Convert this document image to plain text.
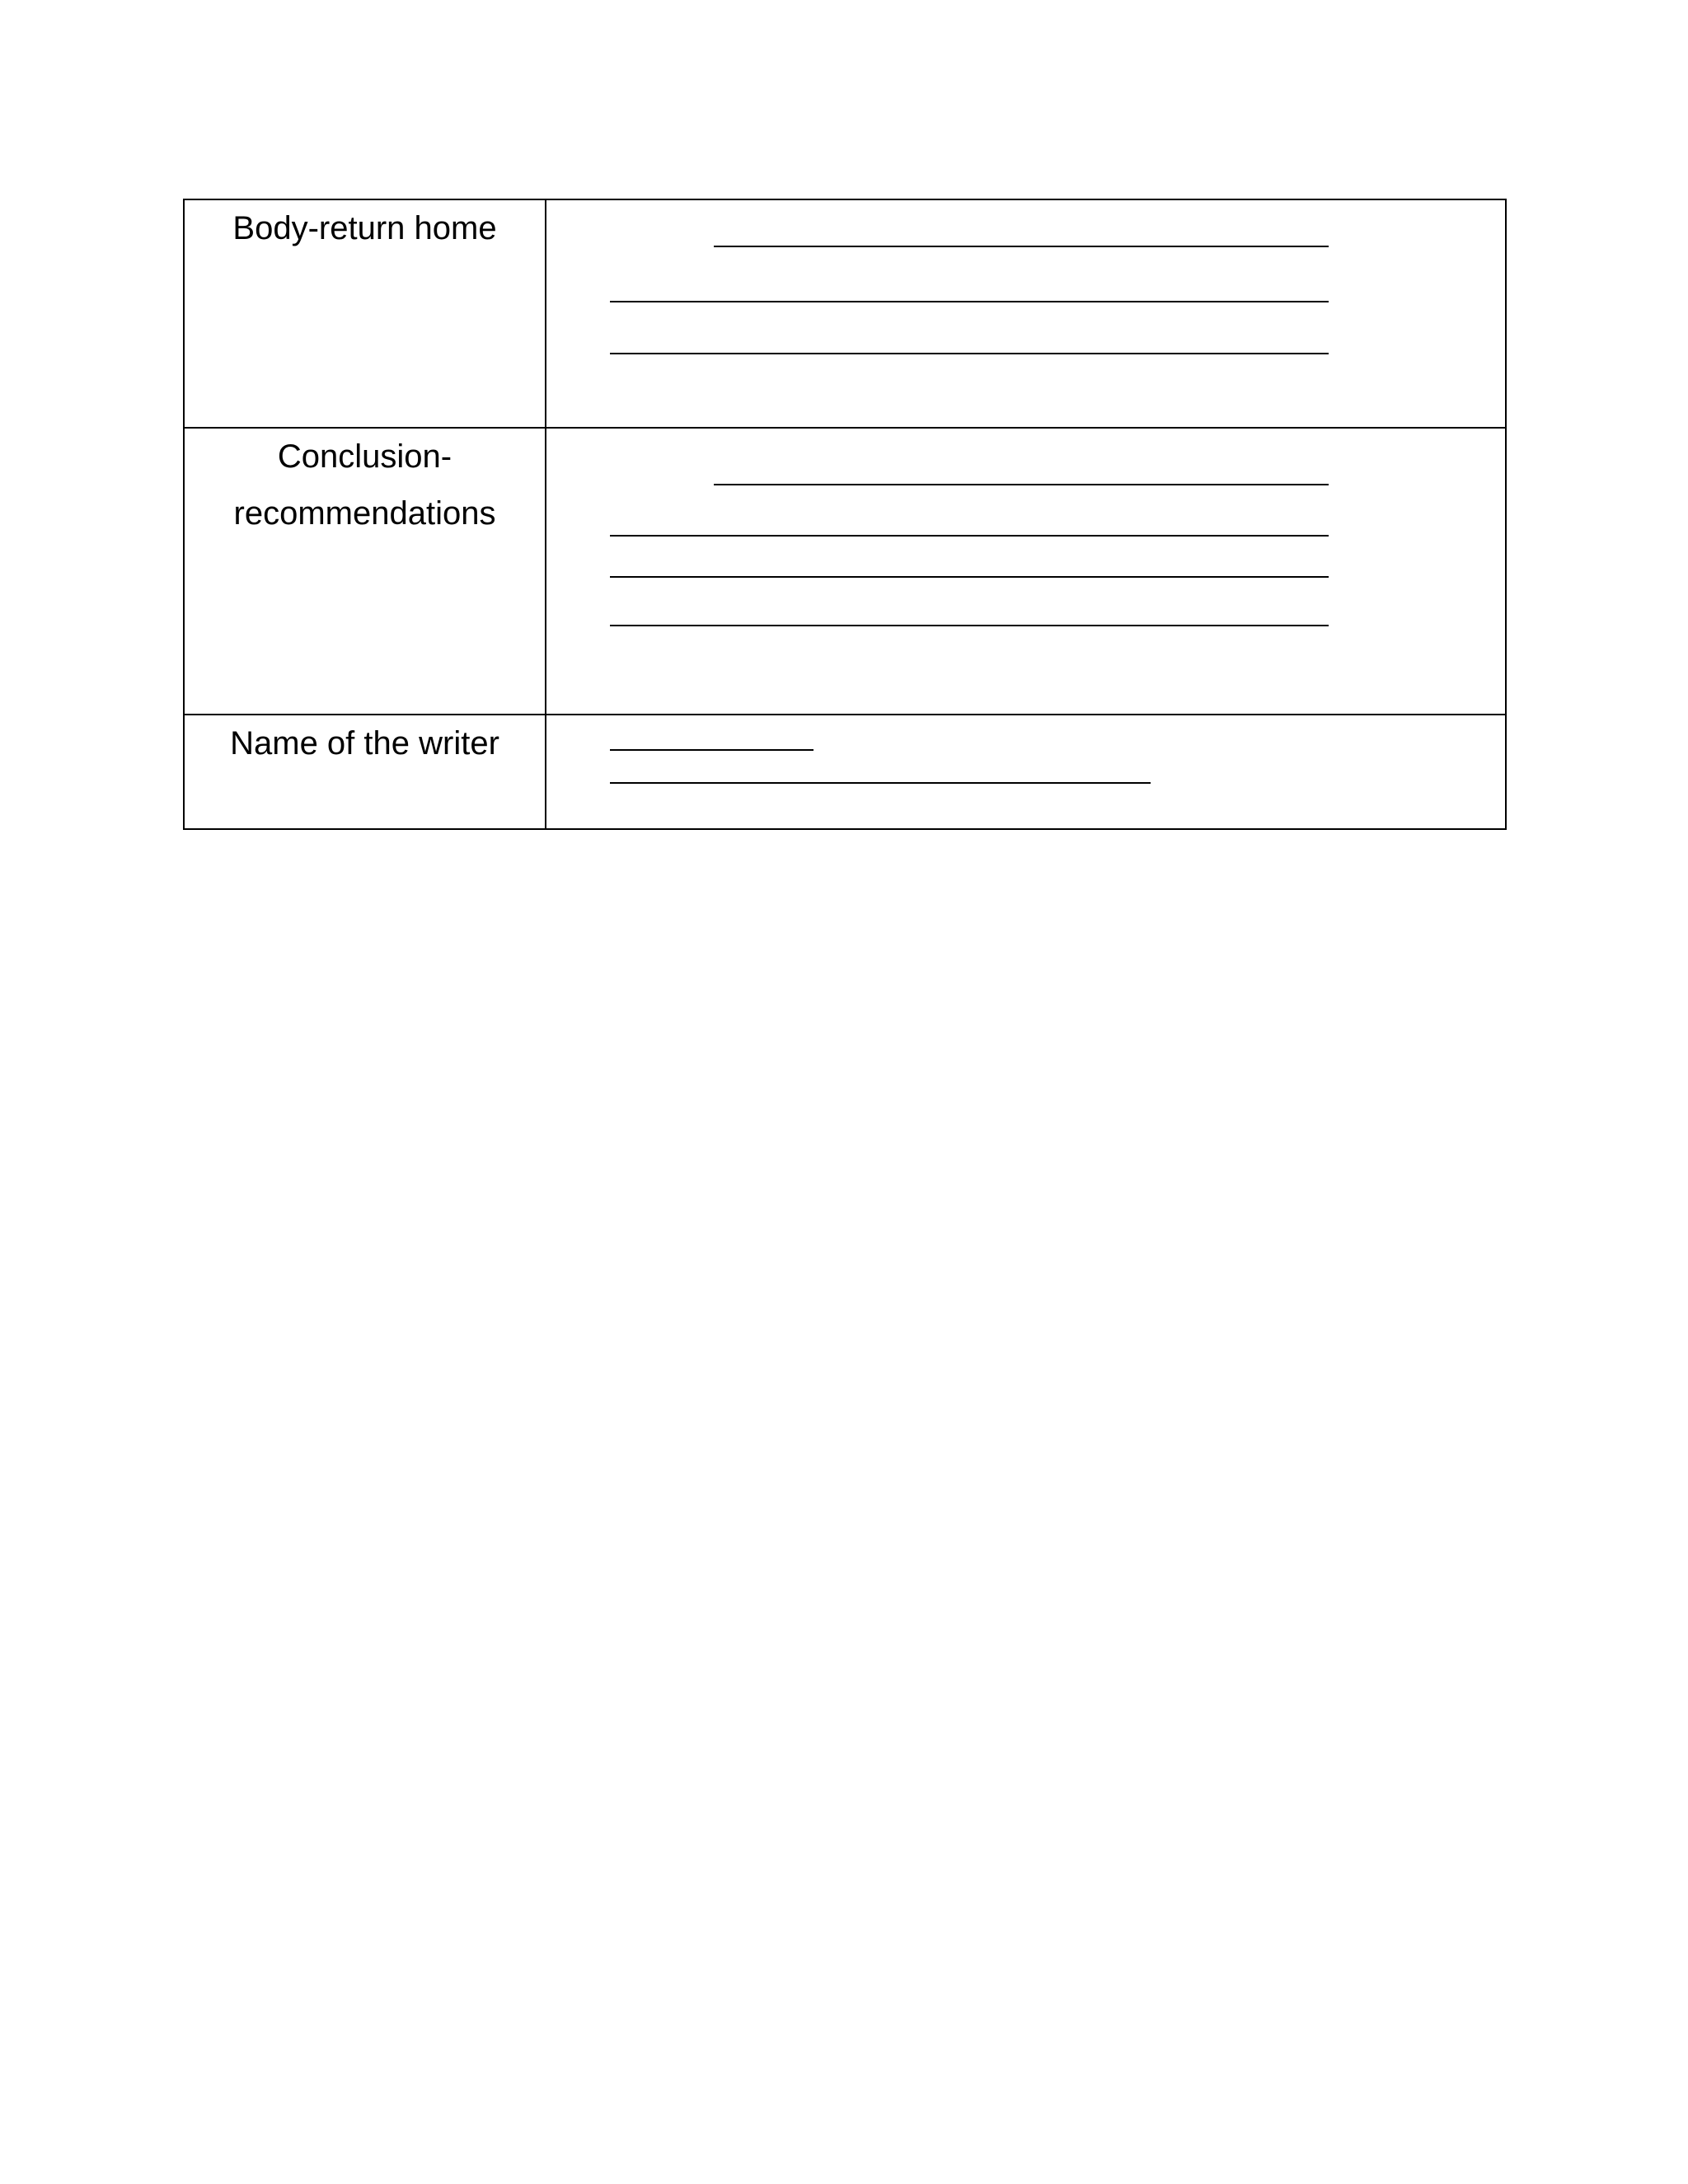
Body-return home	

Conclusion-
recommendations	

Name of the writer	
